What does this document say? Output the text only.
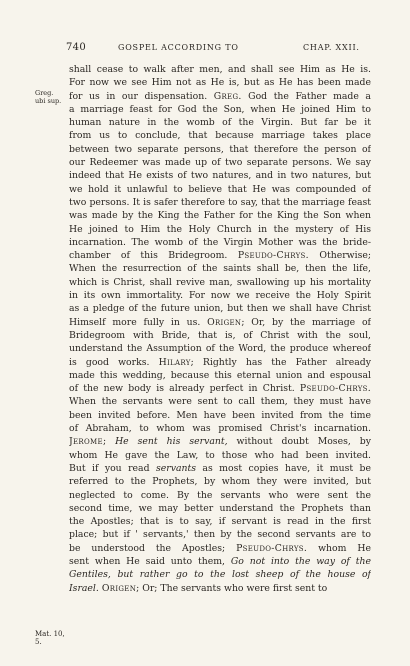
740	GOSPEL ACCORDING TO	CHAP. XXII.
Greg.
ubi sup.
Mat. 10,
5.
shall cease to walk after men, and shall see Him as He is.
For now we see Him not as He is, but as He has been made
for us in our dispensation. Greg. God the Father made a
a marriage feast for God the Son, when He joined Him to
human nature in the womb of the Virgin. But far be it
from us to conclude, that because marriage takes place
between two separate persons, that therefore the person of
our Redeemer was made up of two separate persons. We say
indeed that He exists of two natures, and in two natures, but
we hold it unlawful to believe that He was compounded of
two persons. It is safer therefore to say, that the marriage feast
was made by the King the Father for the King the Son when
He joined to Him the Holy Church in the mystery of His
incarnation. The womb of the Virgin Mother was the bride-
chamber of this Bridegroom. Pseudo-Chrys. Otherwise;
When the resurrection of the saints shall be, then the life,
which is Christ, shall revive man, swallowing up his mortality
in its own immortality. For now we receive the Holy Spirit
as a pledge of the future union, but then we shall have Christ
Himself more fully in us. Origen; Or, by the marriage of
Bridegroom with Bride, that is, of Christ with the soul,
understand the Assumption of the Word, the produce whereof
is good works. Hilary; Rightly has the Father already
made this wedding, because this eternal union and espousal
of the new body is already perfect in Christ. Pseudo-Chrys.
When the servants were sent to call them, they must have
been invited before. Men have been invited from the time
of Abraham, to whom was promised Christ's incarnation.
Jerome; He sent his servant, without doubt Moses, by
whom He gave the Law, to those who had been invited.
But if you read servants as most copies have, it must be
referred to the Prophets, by whom they were invited, but
neglected to come. By the servants who were sent the
second time, we may better understand the Prophets than
the Apostles; that is to say, if servant is read in the first
place; but if ' servants,' then by the second servants are to
be understood the Apostles; Pseudo-Chrys. whom He
sent when He said unto them, Go not into the way of the
Gentiles, but rather go to the lost sheep of the house of
Israel. Origen; Or; The servants who were first sent to
